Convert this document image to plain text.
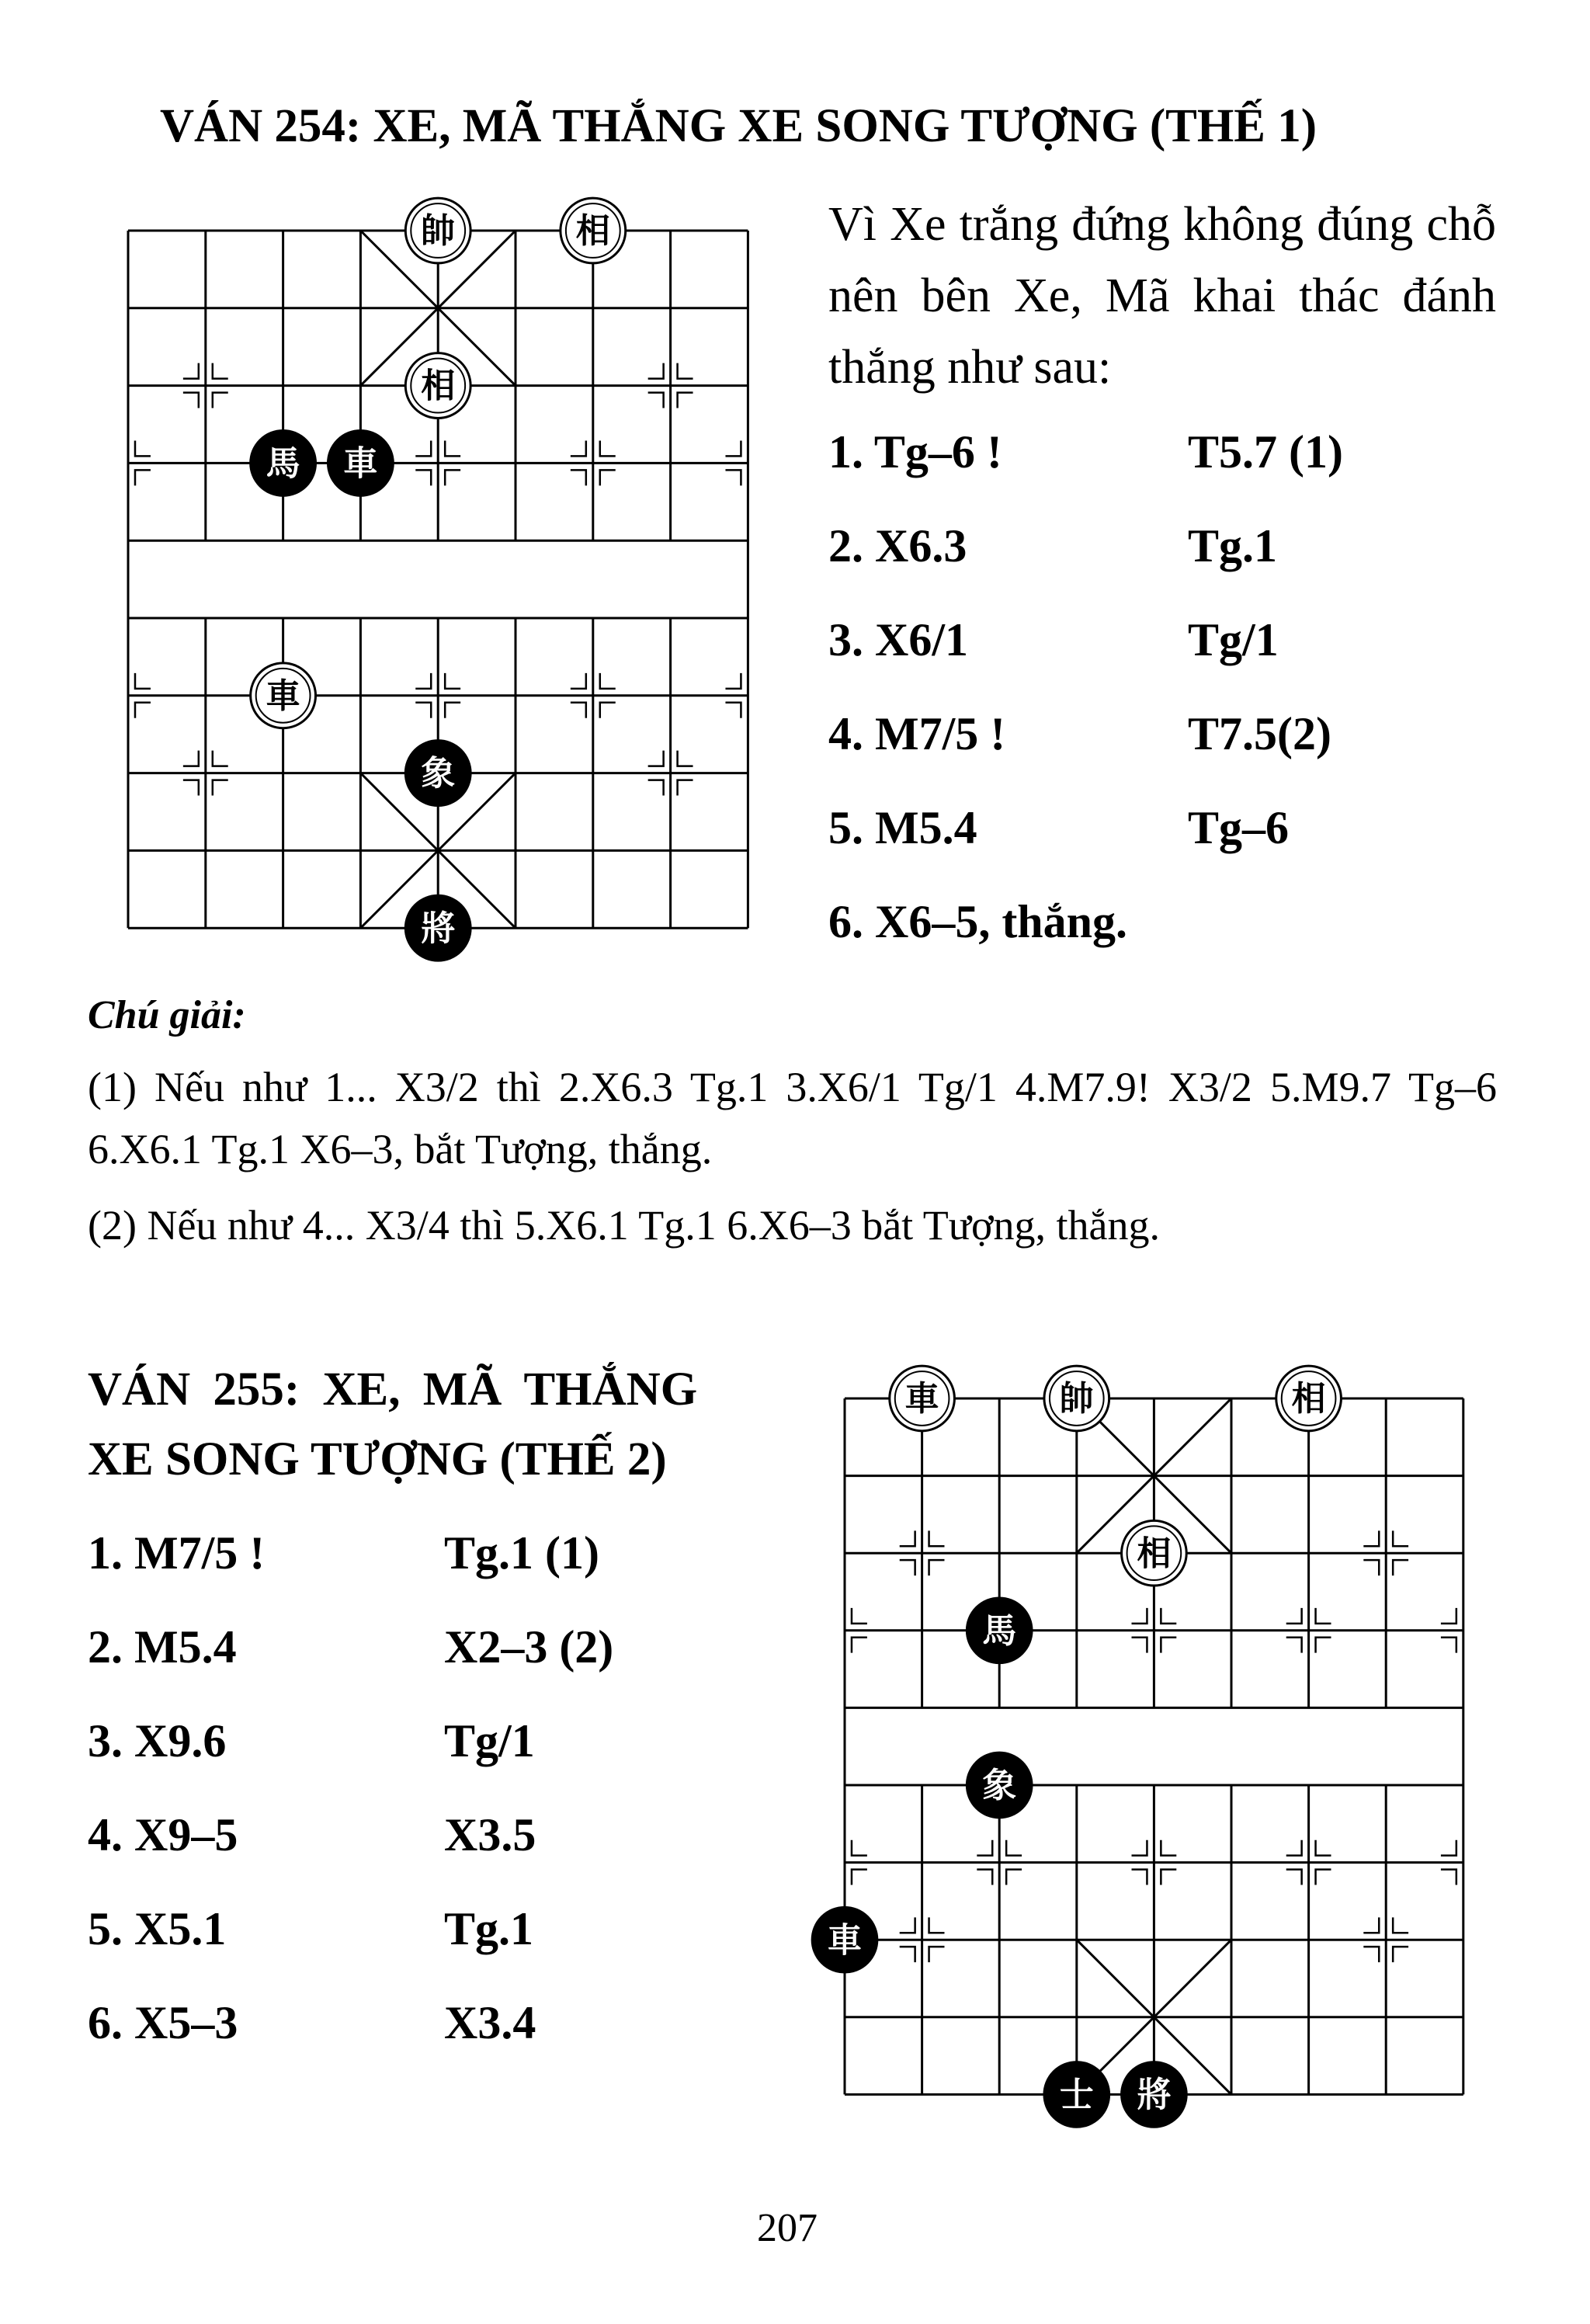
VÁN 254: XE, MÃ THẮNG XE SONG TƯỢNG (THẾ 1)
帥	相
相
馬 車
車
象
將
Vì Xe trắng đứng không đúng chỗ nên bên Xe, Mã khai thác đánh thắng như sau:
1. Tg–6 !	T5.7 (1)
2. X6.3	Tg.1
3. X6/1	Tg/1
4. M7/5 !	T7.5(2)
5. M5.4	Tg–6
6. X6–5, thắng.
Chú giải:
(1) Nếu như 1... X3/2 thì 2.X6.3 Tg.1 3.X6/1 Tg/1 4.M7.9! X3/2 5.M9.7 Tg–6 6.X6.1 Tg.1 X6–3, bắt Tượng, thắng.
(2) Nếu như 4... X3/4 thì 5.X6.1 Tg.1 6.X6–3 bắt Tượng, thắng.
VÁN 255: XE, MÃ THẮNG
XE SONG TƯỢNG (THẾ 2)
1. M7/5 !	Tg.1 (1)
2. M5.4	X2–3 (2)
3. X9.6	Tg/1
4. X9–5	X3.5
5. X5.1	Tg.1
6. X5–3	X3.4
車	帥	相
相
馬
象
車
士 將
207
